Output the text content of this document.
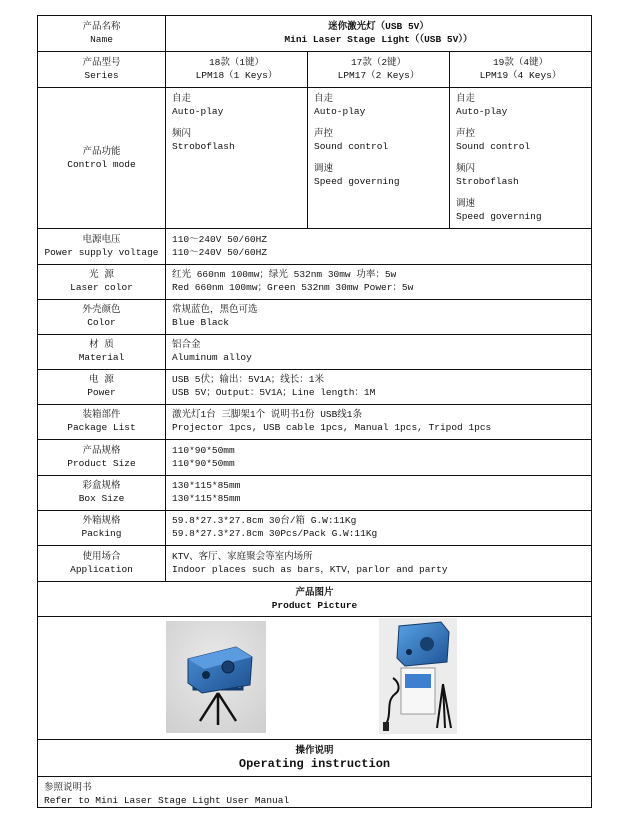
产品名称
Name
迷你激光灯（USB 5V）
Mini Laser Stage Light（（USB 5V））
产品型号
Series
18款（1键）
LPM18（1 Keys）
17款（2键）
LPM17（2 Keys）
19款（4键）
LPM19（4 Keys）
产品功能
Control mode
自走
Auto-play
频闪
Stroboflash
自走
Auto-play
声控
Sound control
调速
Speed governing
自走
Auto-play
声控
Sound control
频闪
Stroboflash
调速
Speed governing
电源电压
Power supply voltage
110～240V 50/60HZ
110～240V 50/60HZ
光 源
Laser color
红光 660nm 100mw；绿光 532nm 30mw 功率：5w
Red 660nm 100mw；Green 532nm 30mw Power：5w
外壳颜色
Color
常规蓝色，黑色可选
Blue Black
材 质
Material
铝合金
Aluminum alloy
电 源
Power
USB 5伏；输出：5V1A；线长：1米
USB 5V；Output：5V1A；Line length：1M
装箱部件
Package List
激光灯1台 三脚架1个 说明书1份 USB线1条
Projector 1pcs, USB cable 1pcs, Manual 1pcs, Tripod 1pcs
产品规格
Product Size
110*90*50mm
110*90*50mm
彩盒规格
Box Size
130*115*85mm
130*115*85mm
外箱规格
Packing
59.8*27.3*27.8cm 30台/箱 G.W:11Kg
59.8*27.3*27.8cm 30Pcs/Pack G.W:11Kg
使用场合
Application
KTV、客厅、家庭聚会等室内场所
Indoor places such as bars，KTV，parlor and party
产品图片
Product Picture
操作说明
Operating instruction
参照说明书
Refer to Mini Laser Stage Light User Manual
